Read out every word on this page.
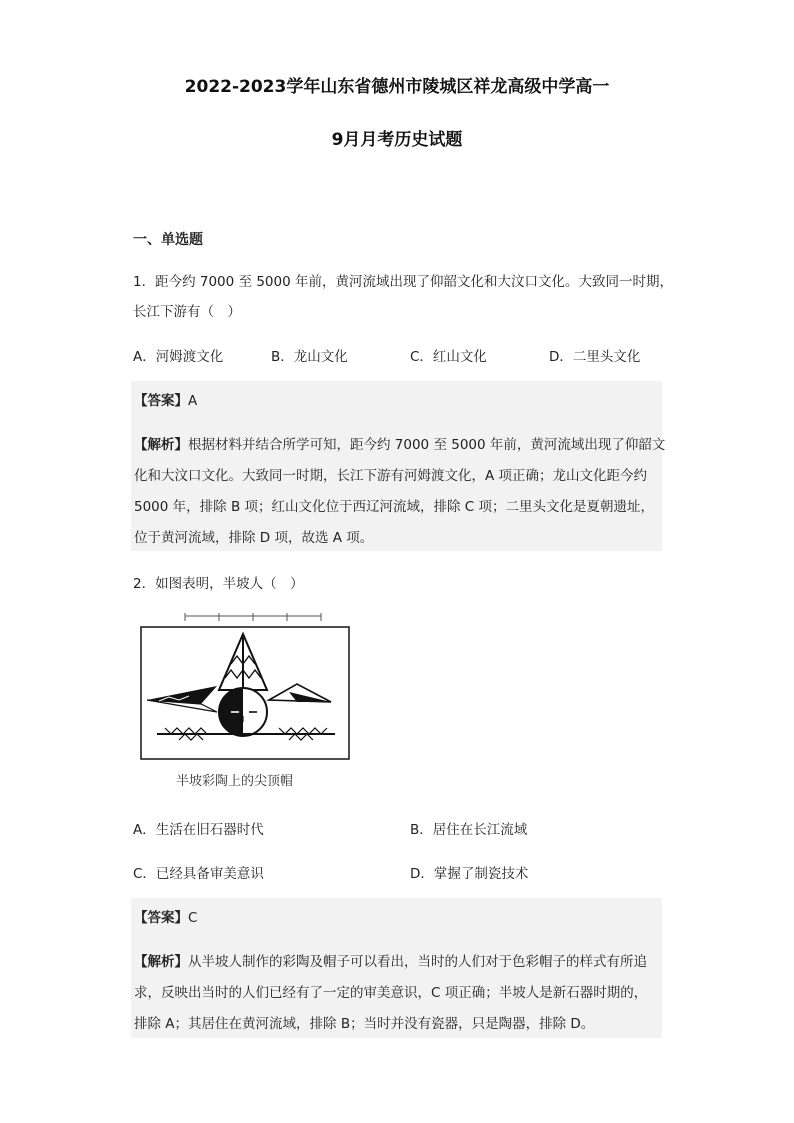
2022-2023学年山东省德州市陵城区祥龙高级中学高一
9月月考历史试题
一、单选题
1．距今约 7000 至 5000 年前，黄河流域出现了仰韶文化和大汶口文化。大致同一时期，
长江下游有（　）
A．河姆渡文化	B．龙山文化	C．红山文化	D．二里头文化
【答案】A
【解析】根据材料并结合所学可知，距今约 7000 至 5000 年前，黄河流域出现了仰韶文
化和大汶口文化。大致同一时期，长江下游有河姆渡文化，A 项正确；龙山文化距今约
5000 年，排除 B 项；红山文化位于西辽河流域，排除 C 项；二里头文化是夏朝遗址，
位于黄河流域，排除 D 项，故选 A 项。
2．如图表明，半坡人（　）
半坡彩陶上的尖顶帽
A．生活在旧石器时代	B．居住在长江流域
C．已经具备审美意识	D．掌握了制瓷技术
【答案】C
【解析】从半坡人制作的彩陶及帽子可以看出，当时的人们对于色彩帽子的样式有所追
求，反映出当时的人们已经有了一定的审美意识，C 项正确；半坡人是新石器时期的，
排除 A；其居住在黄河流域，排除 B；当时并没有瓷器，只是陶器，排除 D。
